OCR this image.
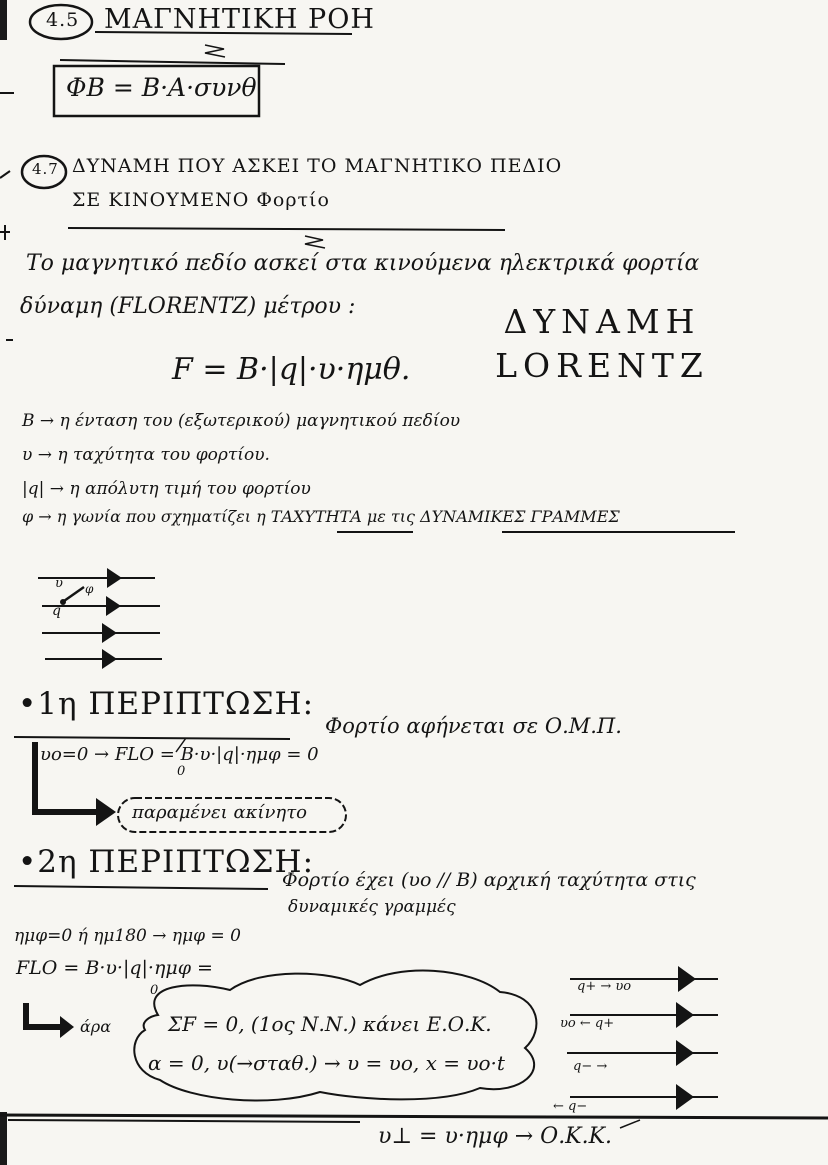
4.5 ΜΑΓΝΗΤΙΚΗ ΡΟΗ
ΦB = B·A·συνθ
4.7 ΔΥΝΑΜΗ ΠΟΥ ΑΣΚΕΙ ΤΟ ΜΑΓΝΗΤΙΚΟ ΠΕΔΙΟ
ΣΕ ΚΙΝΟΥΜΕΝΟ Φορτίο
Το μαγνητικό πεδίο ασκεί στα κινούμενα ηλεκτρικά φορτία
δύναμη (FLORENTZ) μέτρου :	ΔΥΝΑΜΗ LORENTZ
F = B·|q|·υ·ημθ.
B → η ένταση του (εξωτερικού) μαγνητικού πεδίου
υ → η ταχύτητα του φορτίου.
|q| → η απόλυτη τιμή του φορτίου
φ → η γωνία που σχηματίζει η ΤΑΧΥΤΗΤΑ με τις ΔΥΝΑΜΙΚΕΣ ΓΡΑΜΜΕΣ
υ φ
q
•1η ΠΕΡΙΠΤΩΣΗ:
Φορτίο αφήνεται σε Ο.Μ.Π.
υο=0 → FLO = B·υ·|q|·ημφ = 0
0
παραμένει ακίνητο
•2η ΠΕΡΙΠΤΩΣΗ:
Φορτίο έχει (υο // B) αρχική ταχύτητα στις
δυναμικές γραμμές
ημφ=0 ή ημ180 → ημφ = 0
FLO = B·υ·|q|·ημφ =
0
άρα	ΣF = 0, (1ος Ν.Ν.) κάνει Ε.Ο.Κ.
α = 0, υ(→σταθ.) → υ = υο, x = υο·t
q+ → υο
υο ← q+
q− →
← q−
υ⊥ = υ·ημφ → Ο.Κ.Κ.
